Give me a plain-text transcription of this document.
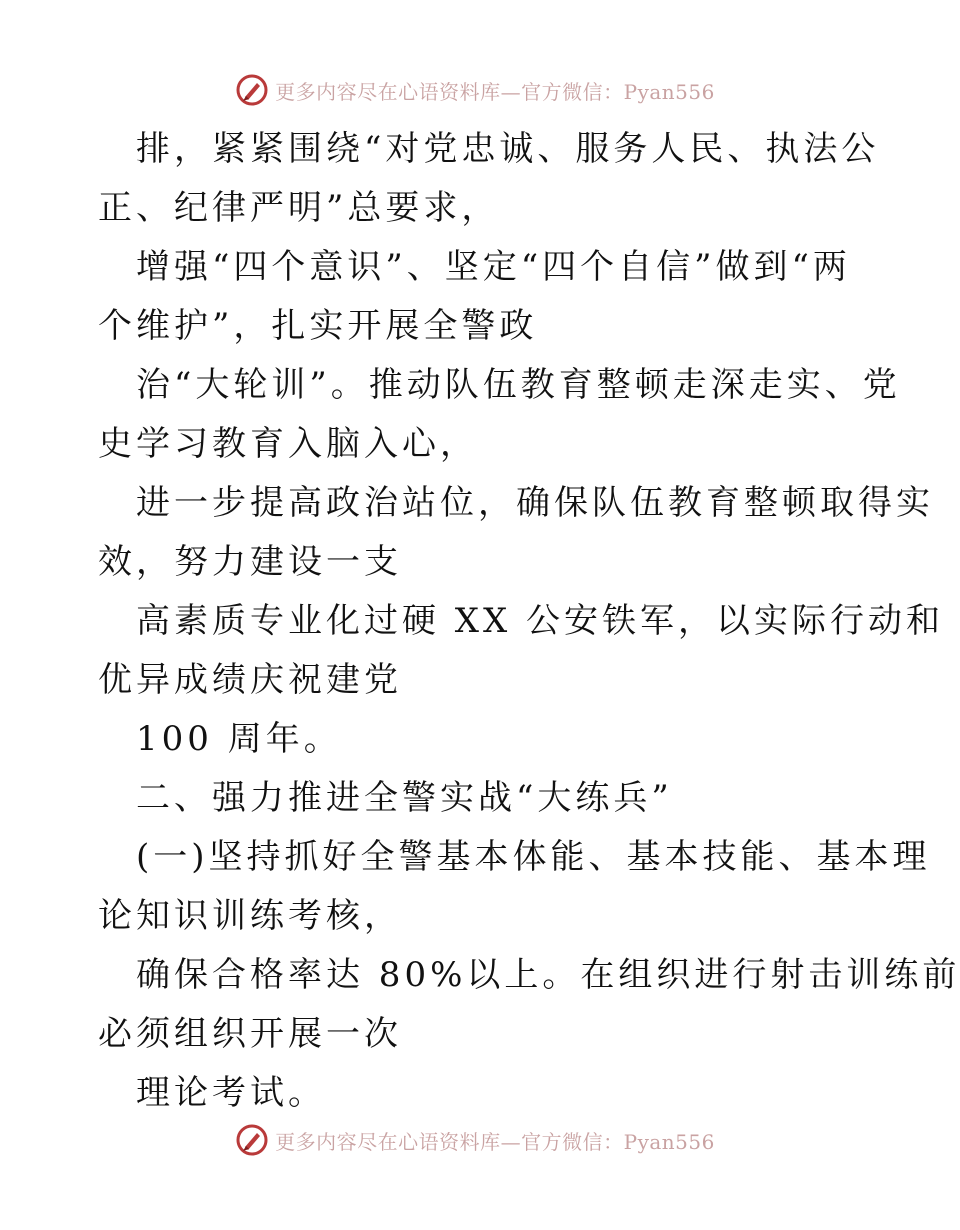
更多内容尽在心语资料库—官方微信：Pyan556
排，紧紧围绕“对党忠诚、服务人民、执法公
正、纪律严明”总要求，
增强“四个意识”、坚定“四个自信”做到“两
个维护”，扎实开展全警政
治“大轮训”。推动队伍教育整顿走深走实、党
史学习教育入脑入心，
进一步提高政治站位，确保队伍教育整顿取得实
效，努力建设一支
高素质专业化过硬 XX 公安铁军，以实际行动和
优异成绩庆祝建党
100 周年。
二、强力推进全警实战“大练兵”
(一)坚持抓好全警基本体能、基本技能、基本理
论知识训练考核，
确保合格率达 80%以上。在组织进行射击训练前
必须组织开展一次
理论考试。
更多内容尽在心语资料库—官方微信：Pyan556
